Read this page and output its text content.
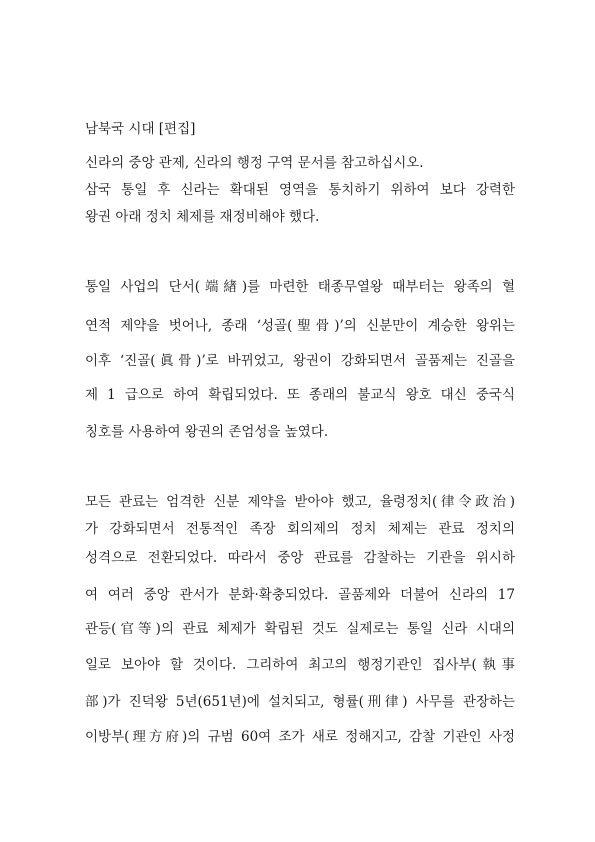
남북국 시대 [편집]
신라의 중앙 관제, 신라의 행정 구역 문서를 참고하십시오.
삼국 통일 후 신라는 확대된 영역을 통치하기 위하여 보다 강력한
왕권 아래 정치 체제를 재정비해야 했다.
통일 사업의 단서(端緖)를 마련한 태종무열왕 때부터는 왕족의 혈
연적 제약을 벗어나, 종래 ‘성골(聖骨)’의 신분만이 계승한 왕위는
이후 ‘진골(眞骨)’로 바뀌었고, 왕권이 강화되면서 골품제는 진골을
제 1 급으로 하여 확립되었다. 또 종래의 불교식 왕호 대신 중국식
칭호를 사용하여 왕권의 존엄성을 높였다.
모든 관료는 엄격한 신분 제약을 받아야 했고, 율령정치(律令政治)
가 강화되면서 전통적인 족장 회의제의 정치 체제는 관료 정치의
성격으로 전환되었다. 따라서 중앙 관료를 감찰하는 기관을 위시하
여 여러 중앙 관서가 분화·확충되었다. 골품제와 더불어 신라의 17
관등(官等)의 관료 체제가 확립된 것도 실제로는 통일 신라 시대의
일로 보아야 할 것이다. 그리하여 최고의 행정기관인 집사부(執事
部)가 진덕왕 5년(651년)에 설치되고, 형률(刑律) 사무를 관장하는
이방부(理方府)의 규범 60여 조가 새로 정해지고, 감찰 기관인 사정
